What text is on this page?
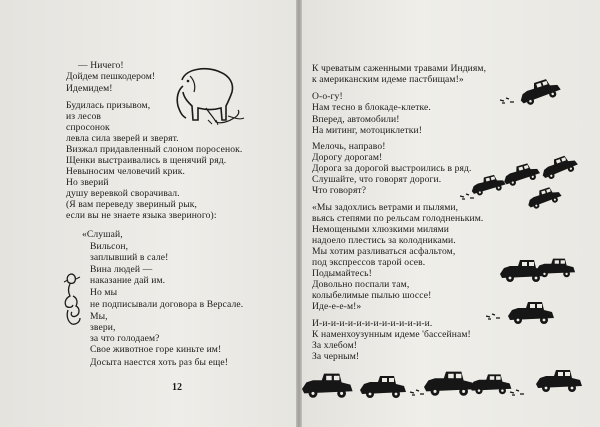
— Ничего!
Дойдем пешкодером!
Идемидем!
Будилась призывом,
из лесов
спросонок
левла сила зверей и зверят.
Визжал придавленный слоном поросенок.
Щенки выстраивались в щенячий ряд.
Невыносим человечий крик.
Но зверий
душу веревкой своpачивал.
(Я вам переведу звериный рык,
если вы не знаете языка звериного):
«Слушай,
Вильсон,
заплывший в сале!
Вина людей —
наказание дай им.
Но мы
не подписывали договора в Версале.
Мы,
звери,
за что голодаем?
Свое животное горе киньте им!
Досыта наестся хоть раз бы еще!
12
К чреватым саженными травами Индиям,
к американским идеме пастбищам!»
О-о-гу!
Нам тесно в блокаде-клетке.
Вперед, автомобили!
На митинг, мотоциклетки!
Мелочь, направо!
Дорогу дорогам!
Дорога за дорогой выстроились в ряд.
Слушайте, что говорят дороги.
Что говорят?
«Мы задохлись ветрами и пылями,
вьясь степями по рельсам голодненьким.
Немощеными хлюзкими милями
надоело плестись за колодниками.
Мы хотим разливаться асфальтом,
под экспрессов тарой осев.
Подымайтесь!
Довольно поспали там,
колыбелимые пылью шоссе!
Иде-е-е-м!»
И-и-и-и-и-и-и-и-и-и-и-и-и-и.
К наменхоузунным идеме 'бассейнам!
За хлебом!
За черным!
